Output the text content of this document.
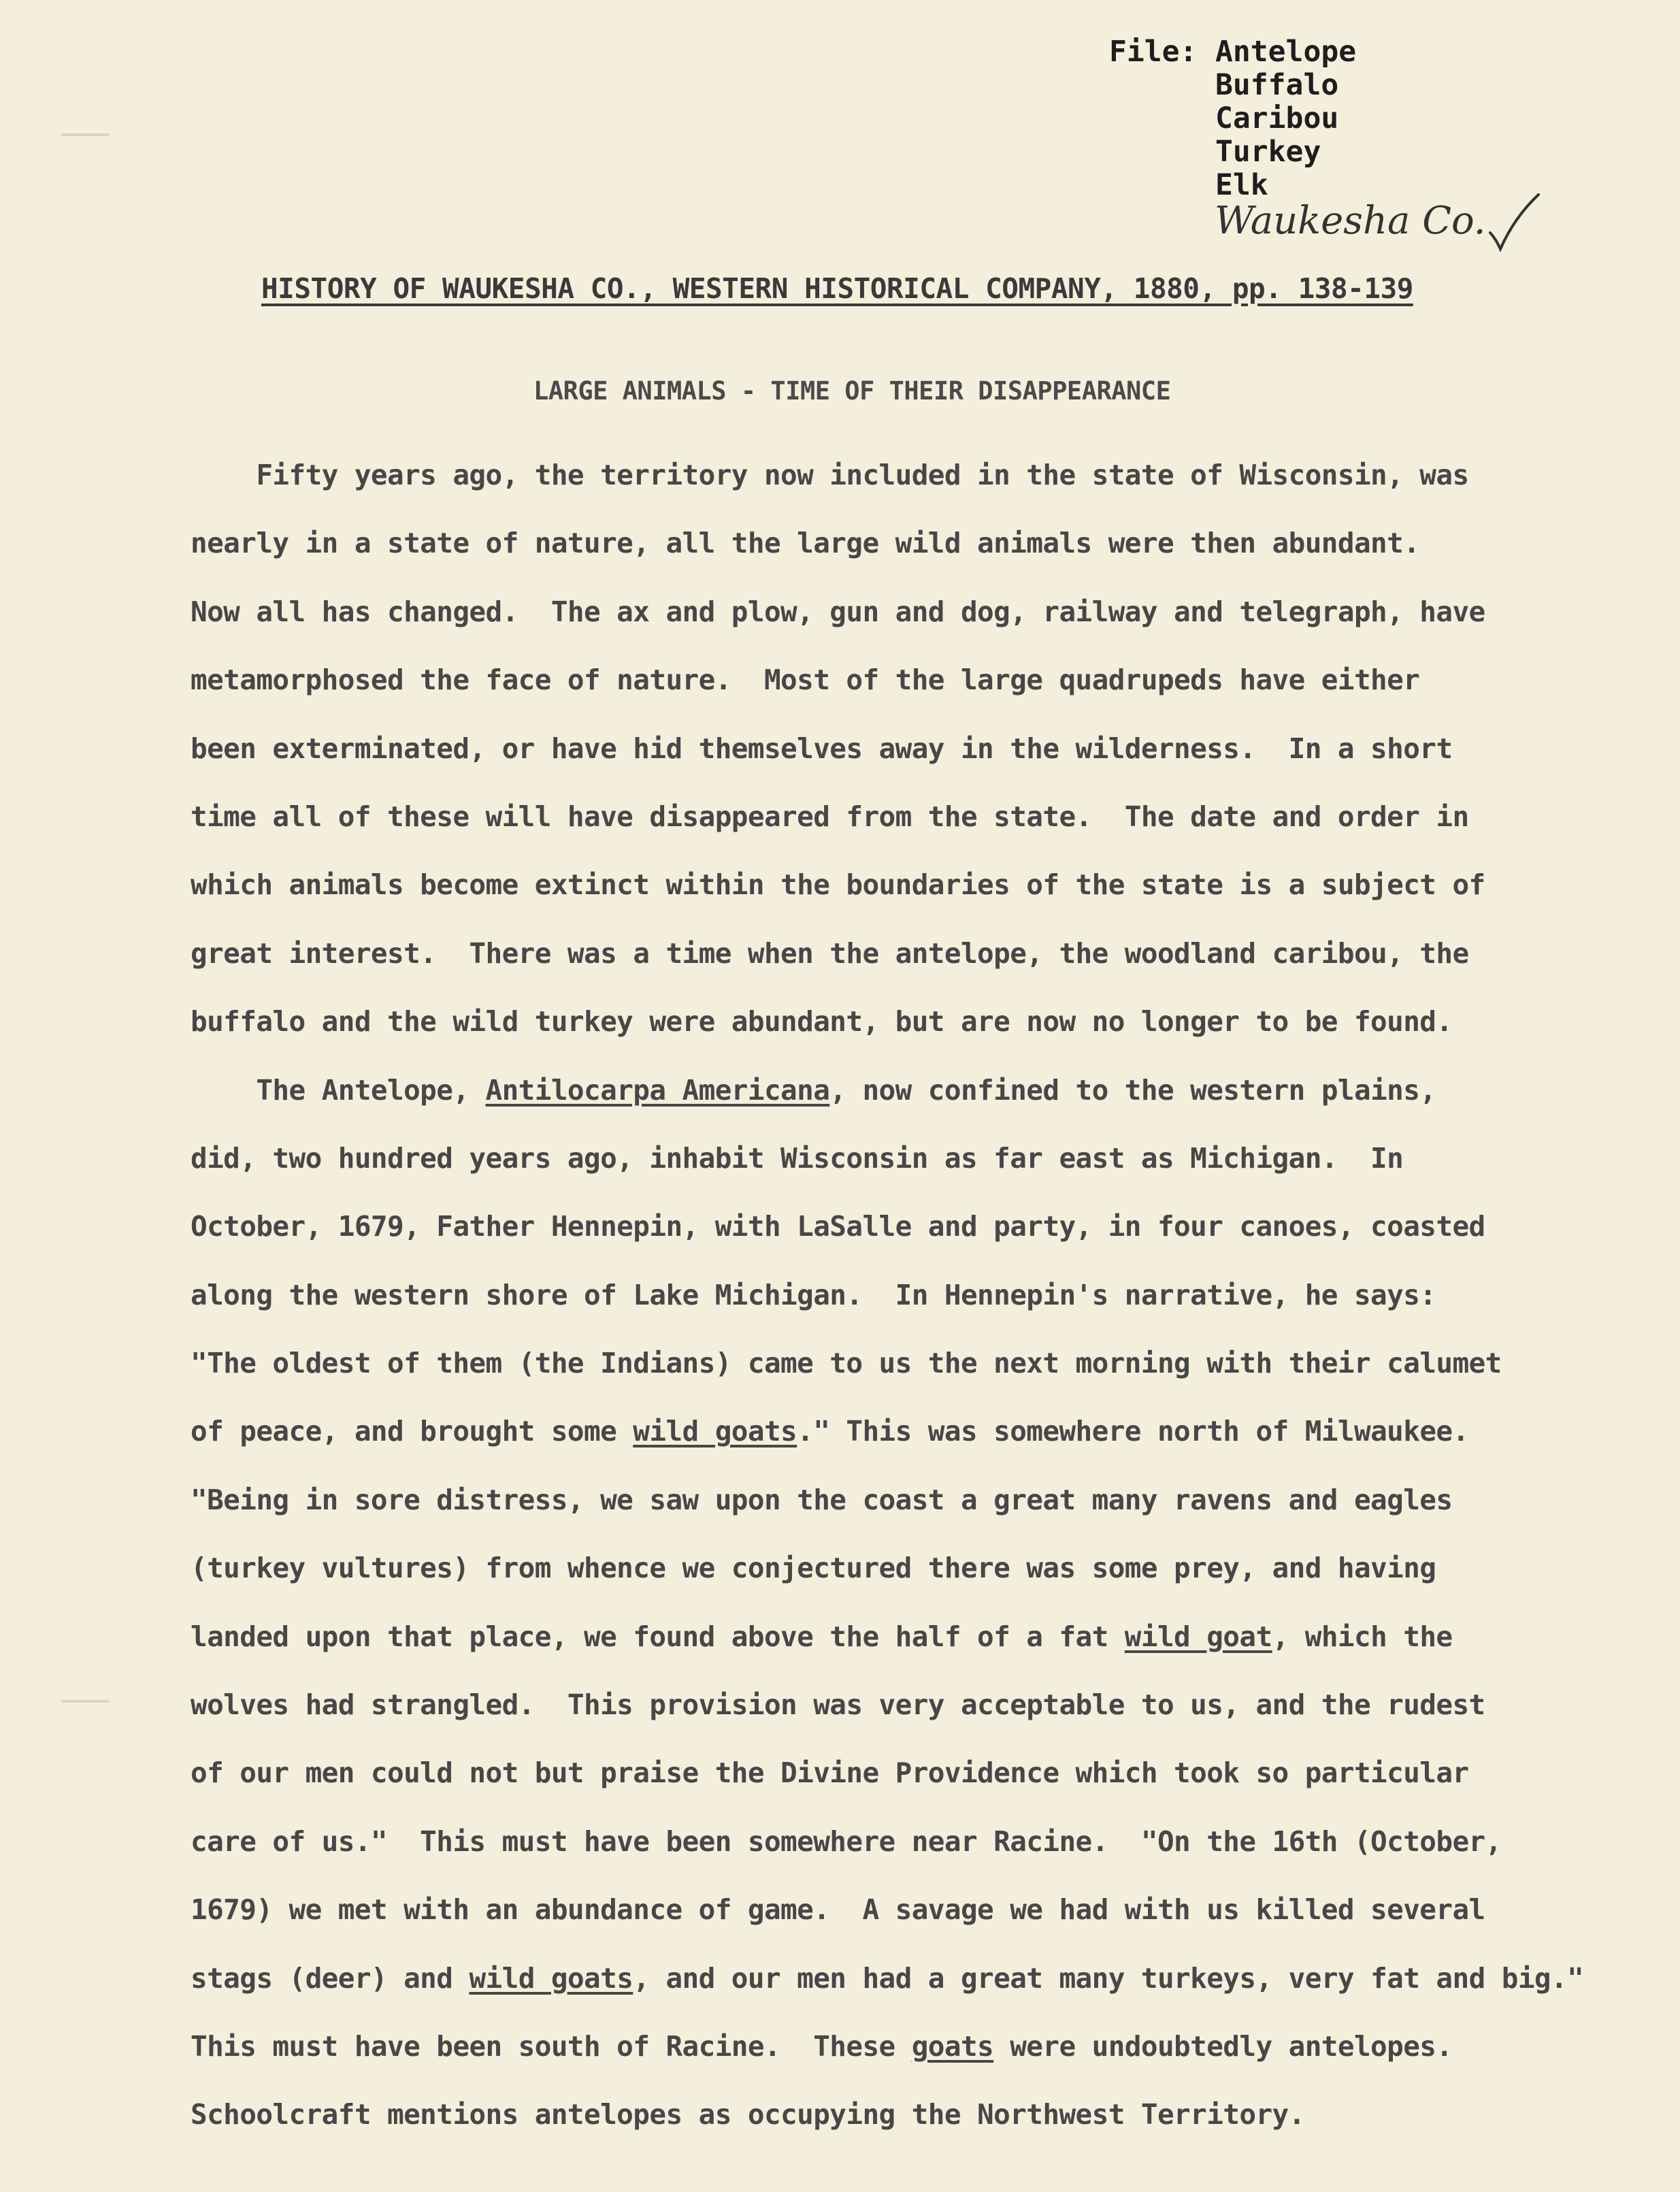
File: Antelope
Buffalo
Caribou
Turkey
Elk
Waukesha Co.
HISTORY OF WAUKESHA CO., WESTERN HISTORICAL COMPANY, 1880, pp. 138-139
LARGE ANIMALS - TIME OF THEIR DISAPPEARANCE
Fifty years ago, the territory now included in the state of Wisconsin, was
nearly in a state of nature, all the large wild animals were then abundant.
Now all has changed.  The ax and plow, gun and dog, railway and telegraph, have
metamorphosed the face of nature.  Most of the large quadrupeds have either
been exterminated, or have hid themselves away in the wilderness.  In a short
time all of these will have disappeared from the state.  The date and order in
which animals become extinct within the boundaries of the state is a subject of
great interest.  There was a time when the antelope, the woodland caribou, the
buffalo and the wild turkey were abundant, but are now no longer to be found.
The Antelope, Antilocarpa Americana, now confined to the western plains,
did, two hundred years ago, inhabit Wisconsin as far east as Michigan.  In
October, 1679, Father Hennepin, with LaSalle and party, in four canoes, coasted
along the western shore of Lake Michigan.  In Hennepin's narrative, he says:
"The oldest of them (the Indians) came to us the next morning with their calumet
of peace, and brought some wild goats." This was somewhere north of Milwaukee.
"Being in sore distress, we saw upon the coast a great many ravens and eagles
(turkey vultures) from whence we conjectured there was some prey, and having
landed upon that place, we found above the half of a fat wild goat, which the
wolves had strangled.  This provision was very acceptable to us, and the rudest
of our men could not but praise the Divine Providence which took so particular
care of us."  This must have been somewhere near Racine.  "On the 16th (October,
1679) we met with an abundance of game.  A savage we had with us killed several
stags (deer) and wild goats, and our men had a great many turkeys, very fat and big."
This must have been south of Racine.  These goats were undoubtedly antelopes.
Schoolcraft mentions antelopes as occupying the Northwest Territory.
